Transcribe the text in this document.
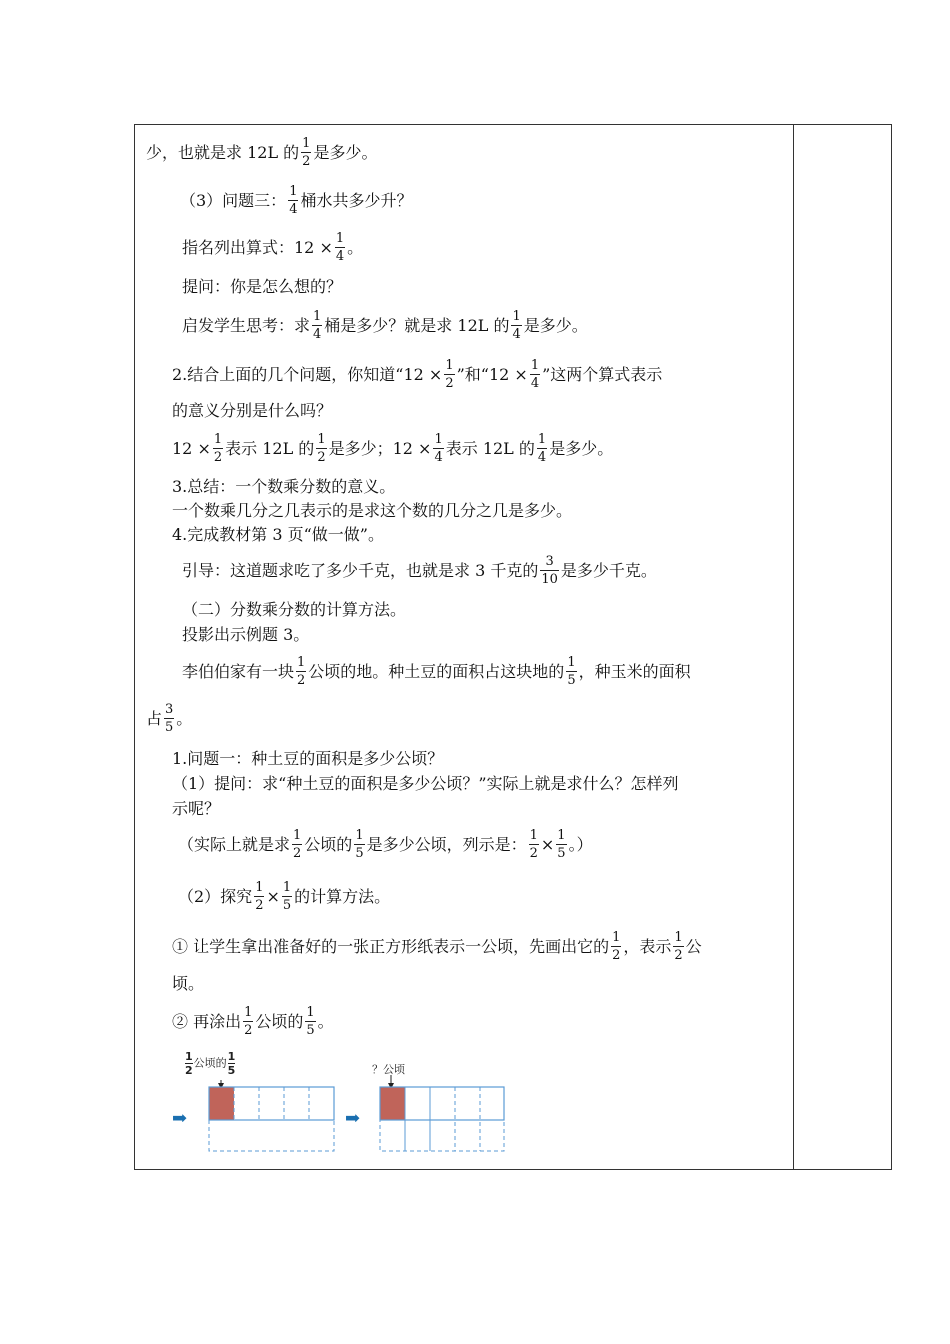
少，也就是求 12L 的 $\frac{1}{2}$ 是多少。
（3）问题三： $\frac{1}{4}$ 桶水共多少升？
指名列出算式：$12 \times \frac{1}{4}$ 。
提问：你是怎么想的？
启发学生思考：求 $\frac{1}{4}$ 桶是多少？就是求 12L 的 $\frac{1}{4}$ 是多少。
2.结合上面的几个问题，你知道“$12 \times \frac{1}{2}$ ”和“$12 \times \frac{1}{4}$ ”这两个算式表示
的意义分别是什么吗？
$12 \times \frac{1}{2}$ 表示 12L 的 $\frac{1}{2}$ 是多少；$12 \times \frac{1}{4}$ 表示 12L 的 $\frac{1}{4}$ 是多少。
3.总结：一个数乘分数的意义。
一个数乘几分之几表示的是求这个数的几分之几是多少。
4.完成教材第 3 页“做一做”。
引导：这道题求吃了多少千克，也就是求 3 千克的 $\frac{3}{10}$ 是多少千克。
（二）分数乘分数的计算方法。
投影出示例题 3。
李伯伯家有一块 $\frac{1}{2}$ 公顷的地。种土豆的面积占这块地的 $\frac{1}{5}$ ，种玉米的面积
占 $\frac{3}{5}$ 。
1.问题一：种土豆的面积是多少公顷？
（1）提问：求“种土豆的面积是多少公顷？”实际上就是求什么？怎样列
示呢？
（实际上就是求 $\frac{1}{2}$ 公顷的 $\frac{1}{5}$ 是多少公顷，列示是： $\frac{1}{2} \times \frac{1}{5}$ 。）
（2）探究 $\frac{1}{2} \times \frac{1}{5}$ 的计算方法。
① 让学生拿出准备好的一张正方形纸表示一公顷，先画出它的 $\frac{1}{2}$ ，表示 $\frac{1}{2}$ 公
顷。
② 再涂出 $\frac{1}{2}$ 公顷的 $\frac{1}{5}$ 。
$\frac{1}{2}$ 公顷的 $\frac{1}{5}$	？公顷
➡	➡
